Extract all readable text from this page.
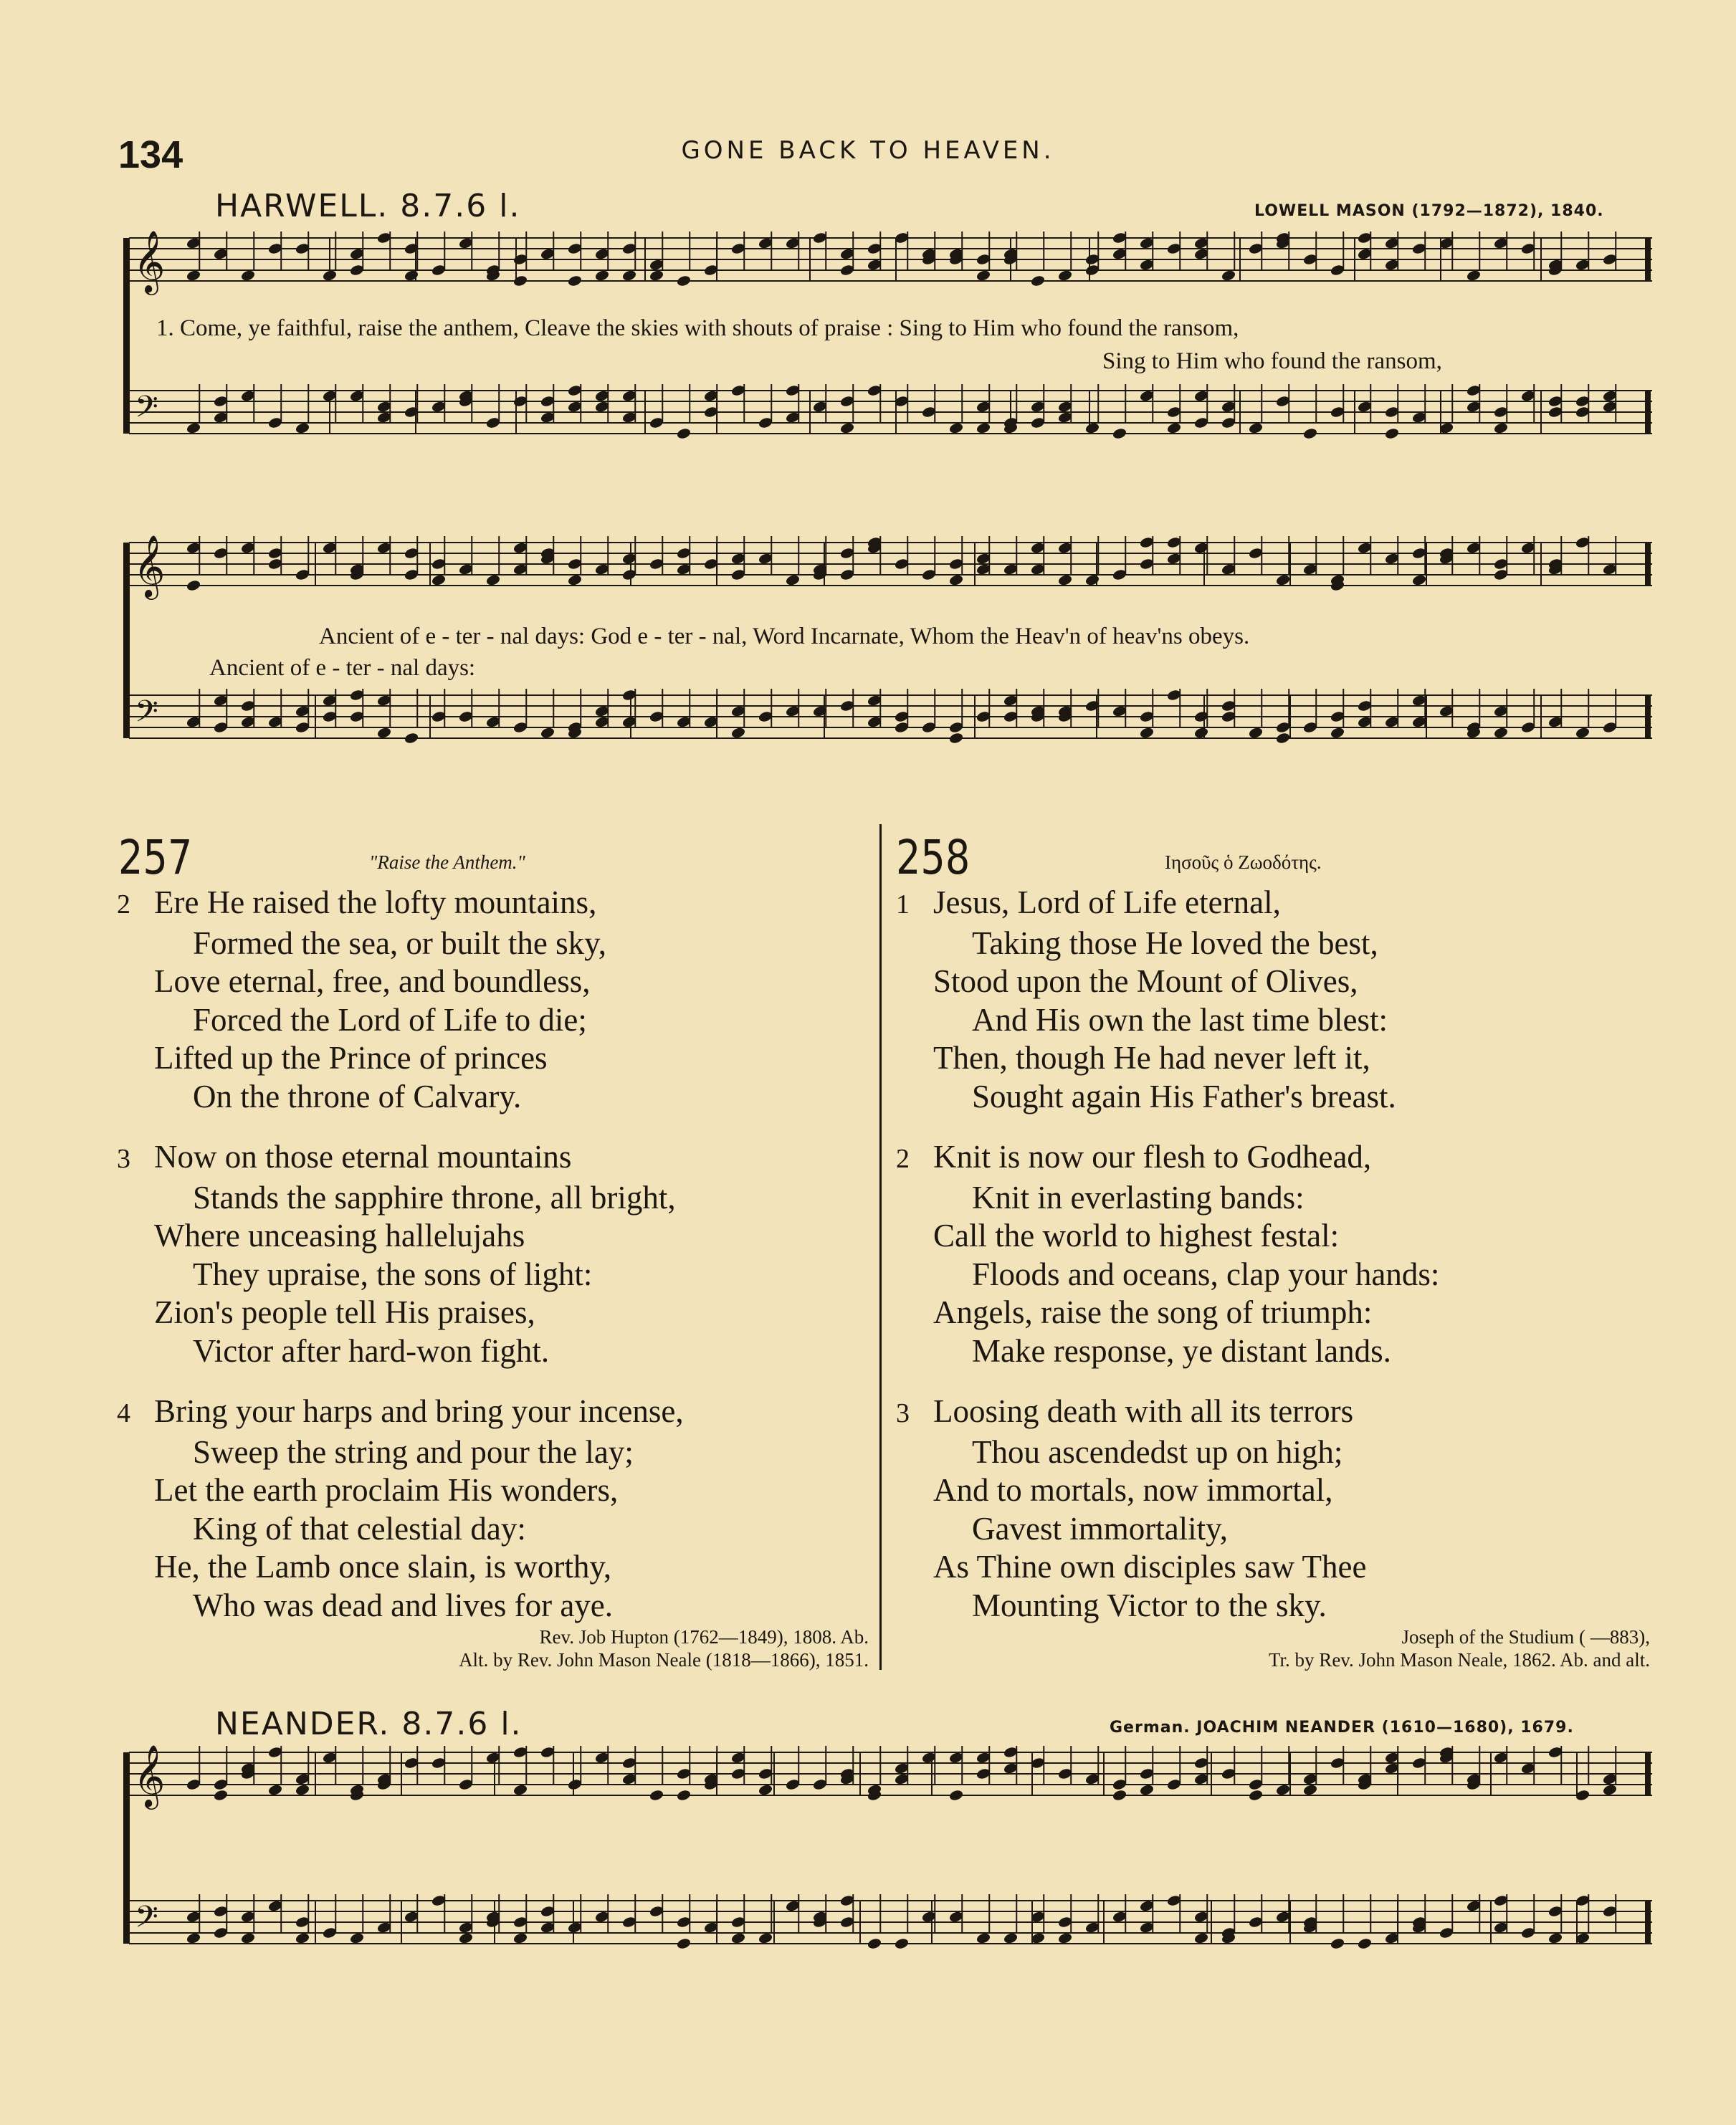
134	GONE BACK TO HEAVEN.
HARWELL. 8.7.6 l.	LOWELL MASON (1792—1872), 1840.
𝄞
𝄢
𝄞
𝄢
1. Come, ye faithful, raise the anthem, Cleave the skies with shouts of praise : Sing to Him who found the ransom,
Sing to Him who found the ransom,
Ancient of e - ter - nal days: God e - ter - nal, Word Incarnate, Whom the Heav'n of heav'ns obeys.
Ancient of e - ter - nal days:
257	"Raise the Anthem."
2 Ere He raised the lofty mountains,
Formed the sea, or built the sky,
Love eternal, free, and boundless,
Forced the Lord of Life to die;
Lifted up the Prince of princes
On the throne of Calvary.
3 Now on those eternal mountains
Stands the sapphire throne, all bright,
Where unceasing hallelujahs
They upraise, the sons of light:
Zion's people tell His praises,
Victor after hard-won fight.
4 Bring your harps and bring your incense,
Sweep the string and pour the lay;
Let the earth proclaim His wonders,
King of that celestial day:
He, the Lamb once slain, is worthy,
Who was dead and lives for aye.
Rev. Job Hupton (1762—1849), 1808. Ab.
Alt. by Rev. John Mason Neale (1818—1866), 1851.
258	Ιησοῦς ὁ Ζωοδότης.
1 Jesus, Lord of Life eternal,
Taking those He loved the best,
Stood upon the Mount of Olives,
And His own the last time blest:
Then, though He had never left it,
Sought again His Father's breast.
2 Knit is now our flesh to Godhead,
Knit in everlasting bands:
Call the world to highest festal:
Floods and oceans, clap your hands:
Angels, raise the song of triumph:
Make response, ye distant lands.
3 Loosing death with all its terrors
Thou ascendedst up on high;
And to mortals, now immortal,
Gavest immortality,
As Thine own disciples saw Thee
Mounting Victor to the sky.
Joseph of the Studium ( —883),
Tr. by Rev. John Mason Neale, 1862. Ab. and alt.
NEANDER. 8.7.6 l.	German. JOACHIM NEANDER (1610—1680), 1679.
𝄞
𝄢
